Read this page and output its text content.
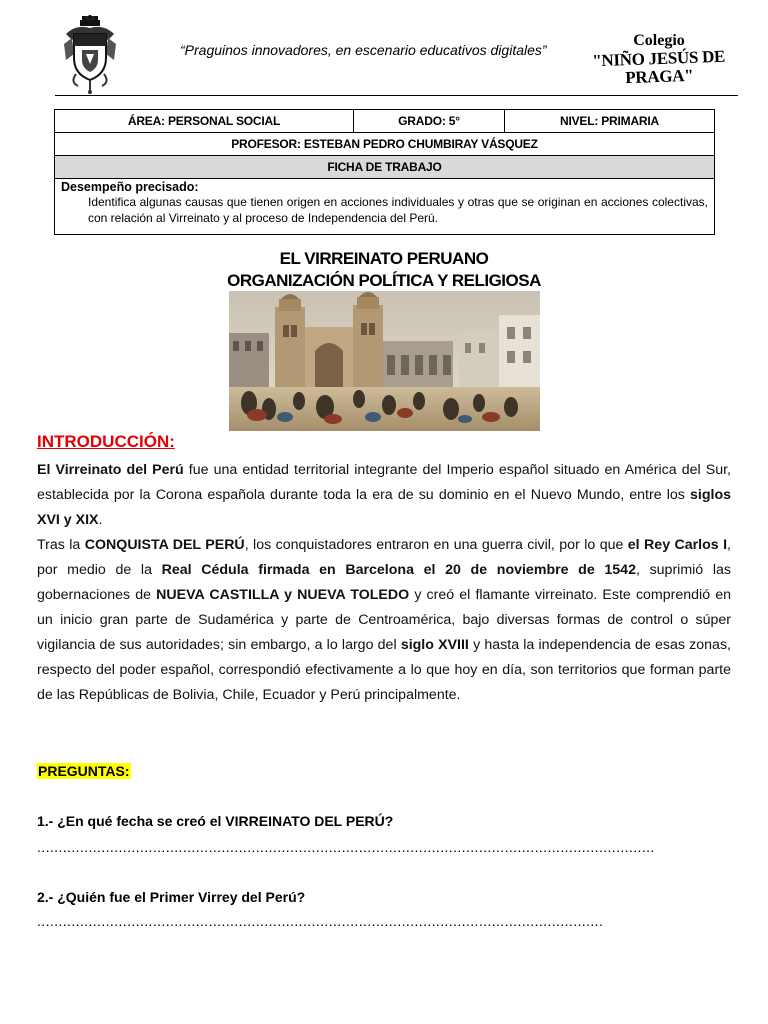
“Praguinos innovadores, en escenario educativos digitales”
Colegio
"NIÑO JESÚS DE PRAGA"
ÁREA: PERSONAL SOCIAL	GRADO: 5°	NIVEL: PRIMARIA
PROFESOR: ESTEBAN PEDRO CHUMBIRAY VÁSQUEZ
FICHA DE TRABAJO

Desempeño precisado:
Identifica algunas causas que tienen origen en acciones individuales y otras que se originan en acciones colectivas, con relación al Virreinato y al proceso de Independencia del Perú.
EL VIRREINATO PERUANO
ORGANIZACIÓN POLÍTICA Y RELIGIOSA
INTRODUCCIÓN:

El Virreinato del Perú fue una entidad territorial integrante del Imperio español situado en América del Sur, establecida por la Corona española durante toda la era de su dominio en el Nuevo Mundo, entre los siglos XVI y XIX.

Tras la CONQUISTA DEL PERÚ, los conquistadores entraron en una guerra civil, por lo que el Rey Carlos I, por medio de la Real Cédula firmada en Barcelona el 20 de noviembre de 1542, suprimió las gobernaciones de NUEVA CASTILLA y NUEVA TOLEDO y creó el flamante virreinato. Este comprendió en un inicio gran parte de Sudamérica y parte de Centroamérica, bajo diversas formas de control o súper vigilancia de sus autoridades; sin embargo, a lo largo del siglo XVIII y hasta la independencia de esas zonas, respecto del poder español, correspondió efectivamente a lo que hoy en día, son territorios que forman parte de las Repúblicas de Bolivia, Chile, Ecuador y Perú principalmente.

PREGUNTAS:
1.- ¿En qué fecha se creó el VIRREINATO DEL PERÚ?
................................................................................................................................................
2.- ¿Quién fue el Primer Virrey del Perú?
....................................................................................................................................
